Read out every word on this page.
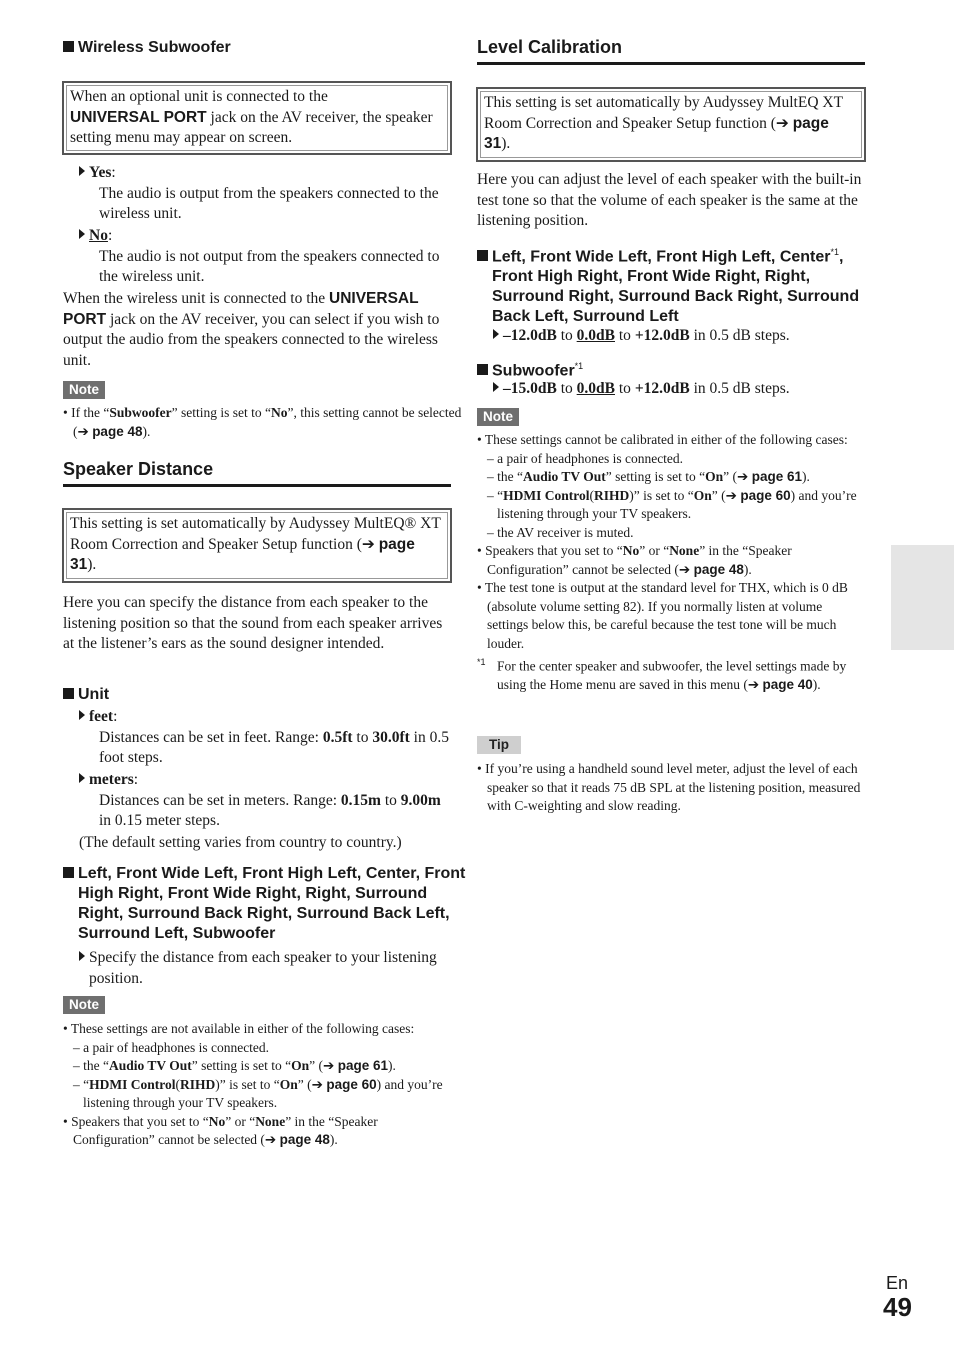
Wireless Subwoofer
When an optional unit is connected to the
UNIVERSAL PORT jack on the AV receiver, the speaker setting menu may appear on screen.
Yes:
The audio is output from the speakers connected to the wireless unit.
No:
The audio is not output from the speakers connected to the wireless unit.
When the wireless unit is connected to the UNIVERSAL PORT jack on the AV receiver, you can select if you wish to output the audio from the speakers connected to the wireless unit.
Note
• If the “Subwoofer” setting is set to “No”, this setting cannot be selected (➔ page 48).
Speaker Distance
This setting is set automatically by Audyssey MultEQ® XT Room Correction and Speaker Setup function (➔ page 31).
Here you can specify the distance from each speaker to the listening position so that the sound from each speaker arrives at the listener’s ears as the sound designer intended.
Unit
feet:
Distances can be set in feet. Range: 0.5ft to 30.0ft in 0.5 foot steps.
meters:
Distances can be set in meters. Range: 0.15m to 9.00m in 0.15 meter steps.
(The default setting varies from country to country.)
Left, Front Wide Left, Front High Left, Center, Front High Right, Front Wide Right, Right, Surround Right, Surround Back Right, Surround Back Left, Surround Left, Subwoofer
Specify the distance from each speaker to your listening position.
Note
• These settings are not available in either of the following cases:
– a pair of headphones is connected.
– the “Audio TV Out” setting is set to “On” (➔ page 61).
– “HDMI Control(RIHD)” is set to “On” (➔ page 60) and you’re listening through your TV speakers.
• Speakers that you set to “No” or “None” in the “Speaker Configuration” cannot be selected (➔ page 48).
Level Calibration
This setting is set automatically by Audyssey MultEQ XT Room Correction and Speaker Setup function (➔ page 31).
Here you can adjust the level of each speaker with the built-in test tone so that the volume of each speaker is the same at the listening position.
Left, Front Wide Left, Front High Left, Center$^{*1}$, Front High Right, Front Wide Right, Right, Surround Right, Surround Back Right, Surround Back Left, Surround Left
–12.0dB to 0.0dB to +12.0dB in 0.5 dB steps.
Subwoofer$^{*1}$
–15.0dB to 0.0dB to +12.0dB in 0.5 dB steps.
Note
• These settings cannot be calibrated in either of the following cases:
– a pair of headphones is connected.
– the “Audio TV Out” setting is set to “On” (➔ page 61).
– “HDMI Control(RIHD)” is set to “On” (➔ page 60) and you’re listening through your TV speakers.
– the AV receiver is muted.
• Speakers that you set to “No” or “None” in the “Speaker Configuration” cannot be selected (➔ page 48).
• The test tone is output at the standard level for THX, which is 0 dB (absolute volume setting 82). If you normally listen at volume settings below this, be careful because the test tone will be much louder.
$^{*1}$ For the center speaker and subwoofer, the level settings made by using the Home menu are saved in this menu (➔ page 40).
Tip
• If you’re using a handheld sound level meter, adjust the level of each speaker so that it reads 75 dB SPL at the listening position, measured with C-weighting and slow reading.
En
49
